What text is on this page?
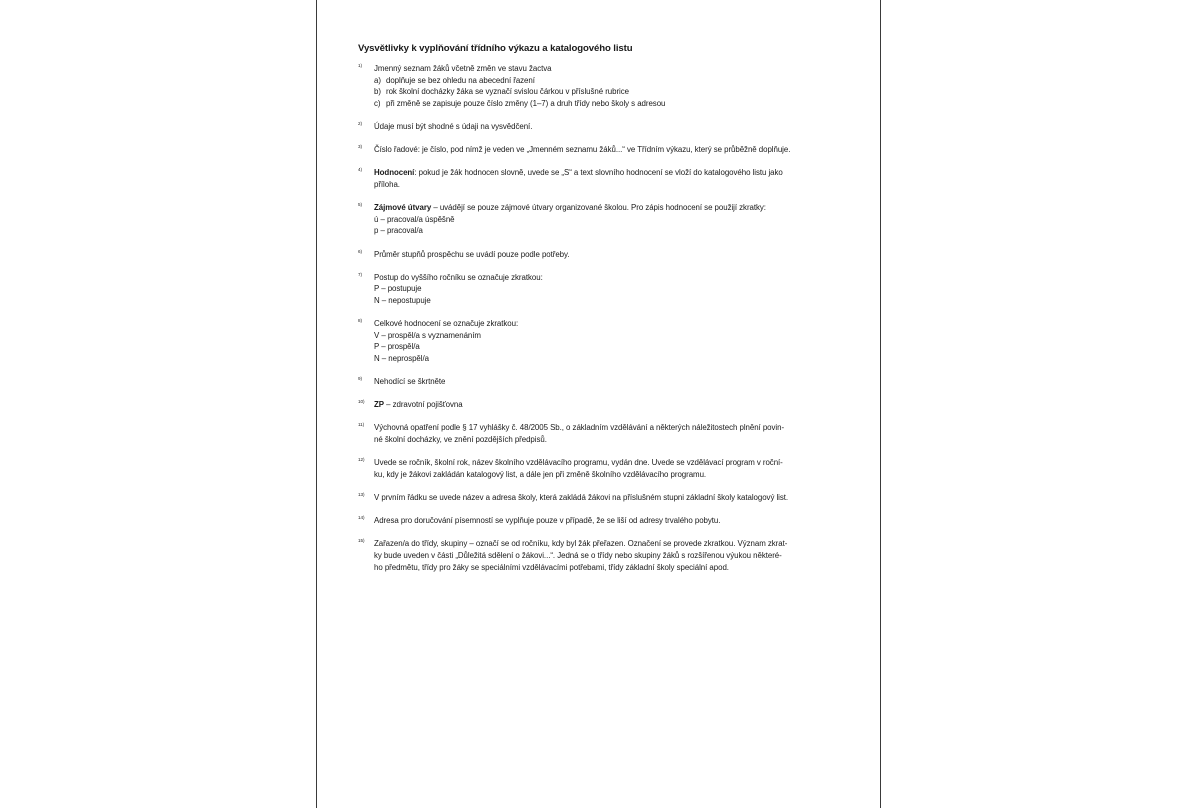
Vysvětlivky k vyplňování třídního výkazu a katalogového listu
1) Jmenný seznam žáků včetně změn ve stavu žactva
a) doplňuje se bez ohledu na abecední řazení
b) rok školní docházky žáka se vyznačí svislou čárkou v příslušné rubrice
c) při změně se zapisuje pouze číslo změny (1–7) a druh třídy nebo školy s adresou
2) Údaje musí být shodné s údaji na vysvědčení.
3) Číslo řadové: je číslo, pod nímž je veden ve „Jmenném seznamu žáků...“ ve Třídním výkazu, který se průběžně doplňuje.
4) Hodnocení: pokud je žák hodnocen slovně, uvede se „S“ a text slovního hodnocení se vloží do katalogového listu jako
příloha.
5) Zájmové útvary – uvádějí se pouze zájmové útvary organizované školou. Pro zápis hodnocení se použijí zkratky:
ú – pracoval/a úspěšně
p – pracoval/a
6) Průměr stupňů prospěchu se uvádí pouze podle potřeby.
7) Postup do vyššího ročníku se označuje zkratkou:
P – postupuje
N – nepostupuje
8) Celkové hodnocení se označuje zkratkou:
V – prospěl/a s vyznamenáním
P – prospěl/a
N – neprospěl/a
9) Nehodící se škrtněte
10) ZP – zdravotní pojišťovna
11) Výchovná opatření podle § 17 vyhlášky č. 48/2005 Sb., o základním vzdělávání a některých náležitostech plnění povin-
né školní docházky, ve znění pozdějších předpisů.
12) Uvede se ročník, školní rok, název školního vzdělávacího programu, vydán dne. Uvede se vzdělávací program v roční-
ku, kdy je žákovi zakládán katalogový list, a dále jen při změně školního vzdělávacího programu.
13) V prvním řádku se uvede název a adresa školy, která zakládá žákovi na příslušném stupni základní školy katalogový list.
14) Adresa pro doručování písemností se vyplňuje pouze v případě, že se liší od adresy trvalého pobytu.
15) Zařazen/a do třídy, skupiny – označí se od ročníku, kdy byl žák přeřazen. Označení se provede zkratkou. Význam zkrat-
ky bude uveden v části „Důležitá sdělení o žákovi...“. Jedná se o třídy nebo skupiny žáků s rozšířenou výukou některé-
ho předmětu, třídy pro žáky se speciálními vzdělávacími potřebami, třídy základní školy speciální apod.
